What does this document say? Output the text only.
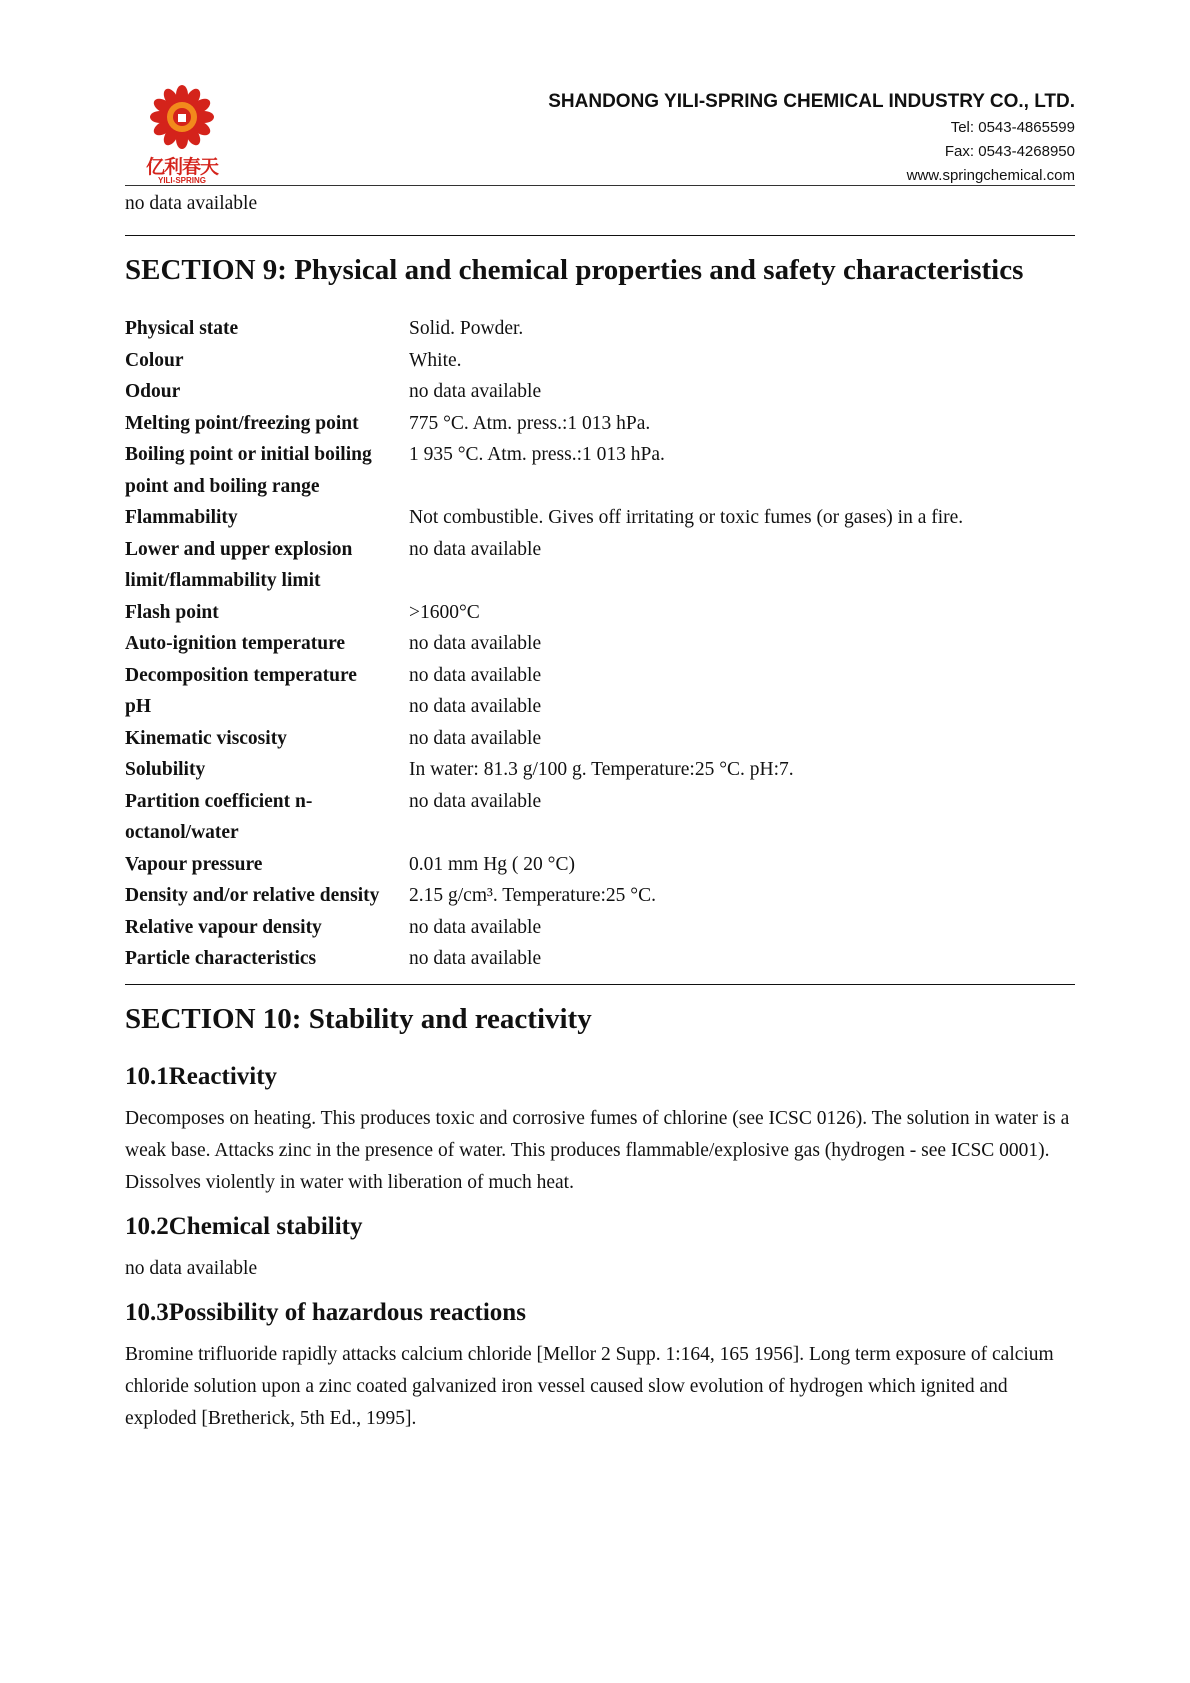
亿利春天
YILI-SPRING
SHANDONG YILI-SPRING CHEMICAL INDUSTRY CO., LTD.
Tel: 0543-4865599
Fax: 0543-4268950
www.springchemical.com

no data available

SECTION 9: Physical and chemical properties and safety characteristics
Physical state	Solid. Powder.
Colour	White.
Odour	no data available
Melting point/freezing point	775 °C. Atm. press.:1 013 hPa.
Boiling point or initial boiling point and boiling range	1 935 °C. Atm. press.:1 013 hPa.
Flammability	Not combustible. Gives off irritating or toxic fumes (or gases) in a fire.
Lower and upper explosion limit/flammability limit	no data available
Flash point	>1600°C
Auto-ignition temperature	no data available
Decomposition temperature	no data available
pH	no data available
Kinematic viscosity	no data available
Solubility	In water: 81.3 g/100 g. Temperature:25 °C. pH:7.
Partition coefficient n-octanol/water	no data available
Vapour pressure	0.01 mm Hg ( 20 °C)
Density and/or relative density	2.15 g/cm³. Temperature:25 °C.
Relative vapour density	no data available
Particle characteristics	no data available
SECTION 10: Stability and reactivity
10.1Reactivity

Decomposes on heating. This produces toxic and corrosive fumes of chlorine (see ICSC 0126). The solution in water is a weak base. Attacks zinc in the presence of water. This produces flammable/explosive gas (hydrogen - see ICSC 0001). Dissolves violently in water with liberation of much heat.

10.2Chemical stability

no data available

10.3Possibility of hazardous reactions

Bromine trifluoride rapidly attacks calcium chloride [Mellor 2 Supp. 1:164, 165 1956]. Long term exposure of calcium chloride solution upon a zinc coated galvanized iron vessel caused slow evolution of hydrogen which ignited and exploded [Bretherick, 5th Ed., 1995].
